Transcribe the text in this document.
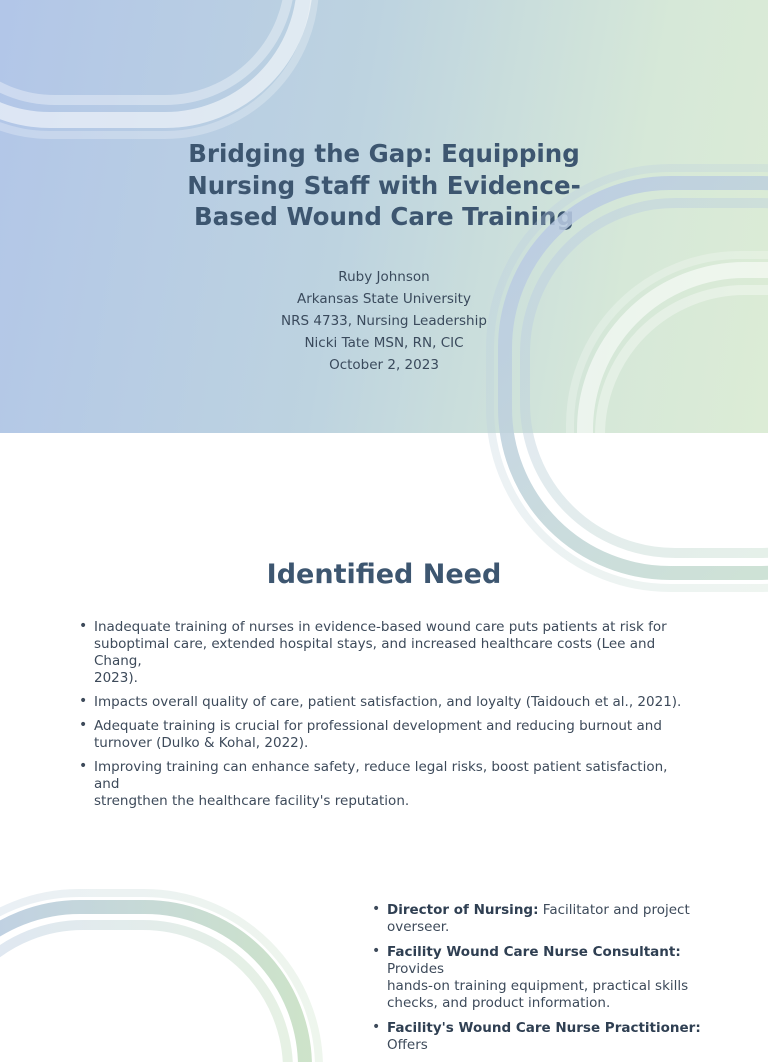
Bridging the Gap: Equipping
Nursing Staff with Evidence-
Based Wound Care Training
Ruby Johnson
Arkansas State University
NRS 4733, Nursing Leadership
Nicki Tate MSN, RN, CIC
October 2, 2023
Identified Need
• Inadequate training of nurses in evidence-based wound care puts patients at risk for
suboptimal care, extended hospital stays, and increased healthcare costs (Lee and Chang,
2023).
• Impacts overall quality of care, patient satisfaction, and loyalty (Taidouch et al., 2021).
• Adequate training is crucial for professional development and reducing burnout and
turnover (Dulko & Kohal, 2022).
• Improving training can enhance safety, reduce legal risks, boost patient satisfaction, and
strengthen the healthcare facility's reputation.
• Director of Nursing: Facilitator and project
overseer.
• Facility Wound Care Nurse Consultant: Provides
hands-on training equipment, practical skills
checks, and product information.
• Facility's Wound Care Nurse Practitioner: Offers
